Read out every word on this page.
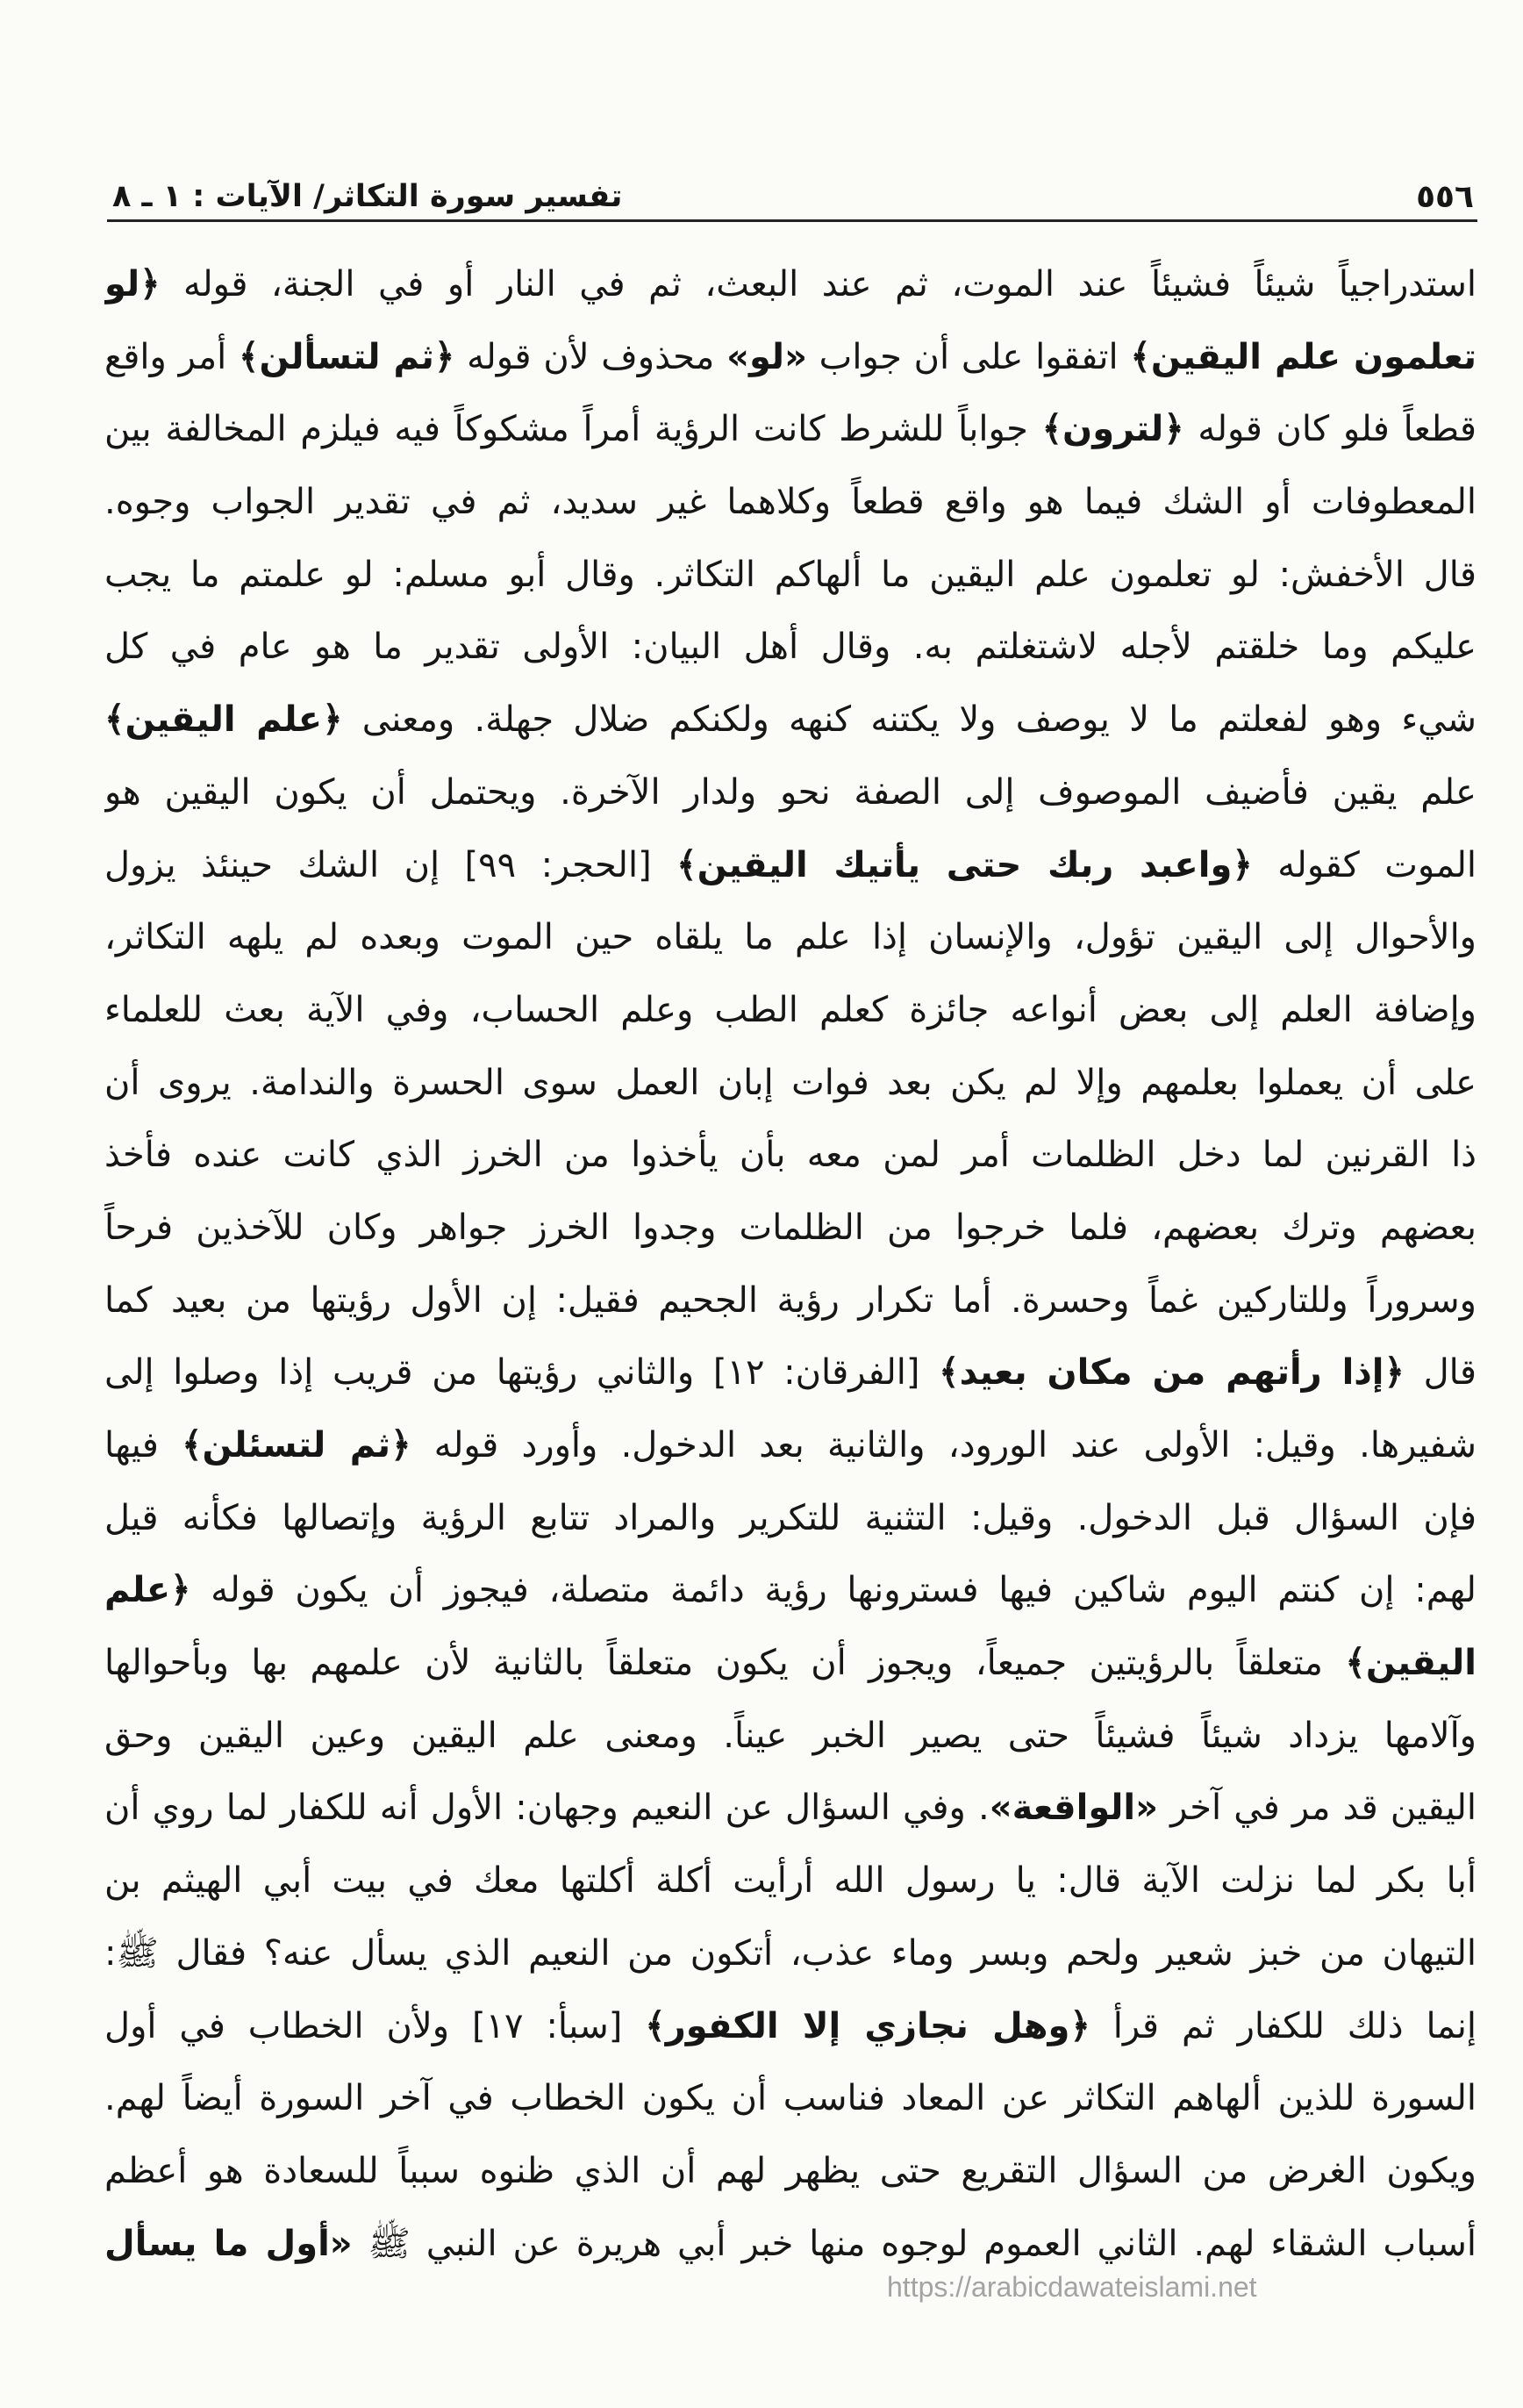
٥٥٦
تفسير سورة التكاثر/ الآيات : ١ ـ ٨
استدراجياً شيئاً فشيئاً عند الموت، ثم عند البعث، ثم في النار أو في الجنة، قوله ﴿لو
تعلمون علم اليقين﴾ اتفقوا على أن جواب «لو» محذوف لأن قوله ﴿ثم لتسألن﴾ أمر واقع
قطعاً فلو كان قوله ﴿لترون﴾ جواباً للشرط كانت الرؤية أمراً مشكوكاً فيه فيلزم المخالفة بين
المعطوفات أو الشك فيما هو واقع قطعاً وكلاهما غير سديد، ثم في تقدير الجواب وجوه.
قال الأخفش: لو تعلمون علم اليقين ما ألهاكم التكاثر. وقال أبو مسلم: لو علمتم ما يجب
عليكم وما خلقتم لأجله لاشتغلتم به. وقال أهل البيان: الأولى تقدير ما هو عام في كل
شيء وهو لفعلتم ما لا يوصف ولا يكتنه كنهه ولكنكم ضلال جهلة. ومعنى ﴿علم اليقين﴾
علم يقين فأضيف الموصوف إلى الصفة نحو ولدار الآخرة. ويحتمل أن يكون اليقين هو
الموت كقوله ﴿واعبد ربك حتى يأتيك اليقين﴾ [الحجر: ٩٩] إن الشك حينئذ يزول
والأحوال إلى اليقين تؤول، والإنسان إذا علم ما يلقاه حين الموت وبعده لم يلهه التكاثر،
وإضافة العلم إلى بعض أنواعه جائزة كعلم الطب وعلم الحساب، وفي الآية بعث للعلماء
على أن يعملوا بعلمهم وإلا لم يكن بعد فوات إبان العمل سوى الحسرة والندامة. يروى أن
ذا القرنين لما دخل الظلمات أمر لمن معه بأن يأخذوا من الخرز الذي كانت عنده فأخذ
بعضهم وترك بعضهم، فلما خرجوا من الظلمات وجدوا الخرز جواهر وكان للآخذين فرحاً
وسروراً وللتاركين غماً وحسرة. أما تكرار رؤية الجحيم فقيل: إن الأول رؤيتها من بعيد كما
قال ﴿إذا رأتهم من مكان بعيد﴾ [الفرقان: ١٢] والثاني رؤيتها من قريب إذا وصلوا إلى
شفيرها. وقيل: الأولى عند الورود، والثانية بعد الدخول. وأورد قوله ﴿ثم لتسئلن﴾ فيها
فإن السؤال قبل الدخول. وقيل: التثنية للتكرير والمراد تتابع الرؤية وإتصالها فكأنه قيل
لهم: إن كنتم اليوم شاكين فيها فسترونها رؤية دائمة متصلة، فيجوز أن يكون قوله ﴿علم
اليقين﴾ متعلقاً بالرؤيتين جميعاً، ويجوز أن يكون متعلقاً بالثانية لأن علمهم بها وبأحوالها
وآلامها يزداد شيئاً فشيئاً حتى يصير الخبر عيناً. ومعنى علم اليقين وعين اليقين وحق
اليقين قد مر في آخر «الواقعة». وفي السؤال عن النعيم وجهان: الأول أنه للكفار لما روي أن
أبا بكر لما نزلت الآية قال: يا رسول الله أرأيت أكلة أكلتها معك في بيت أبي الهيثم بن
التيهان من خبز شعير ولحم وبسر وماء عذب، أتكون من النعيم الذي يسأل عنه؟ فقال ﷺ:
إنما ذلك للكفار ثم قرأ ﴿وهل نجازي إلا الكفور﴾ [سبأ: ١٧] ولأن الخطاب في أول
السورة للذين ألهاهم التكاثر عن المعاد فناسب أن يكون الخطاب في آخر السورة أيضاً لهم.
ويكون الغرض من السؤال التقريع حتى يظهر لهم أن الذي ظنوه سبباً للسعادة هو أعظم
أسباب الشقاء لهم. الثاني العموم لوجوه منها خبر أبي هريرة عن النبي ﷺ «أول ما يسأل
https://arabicdawateislami.net
